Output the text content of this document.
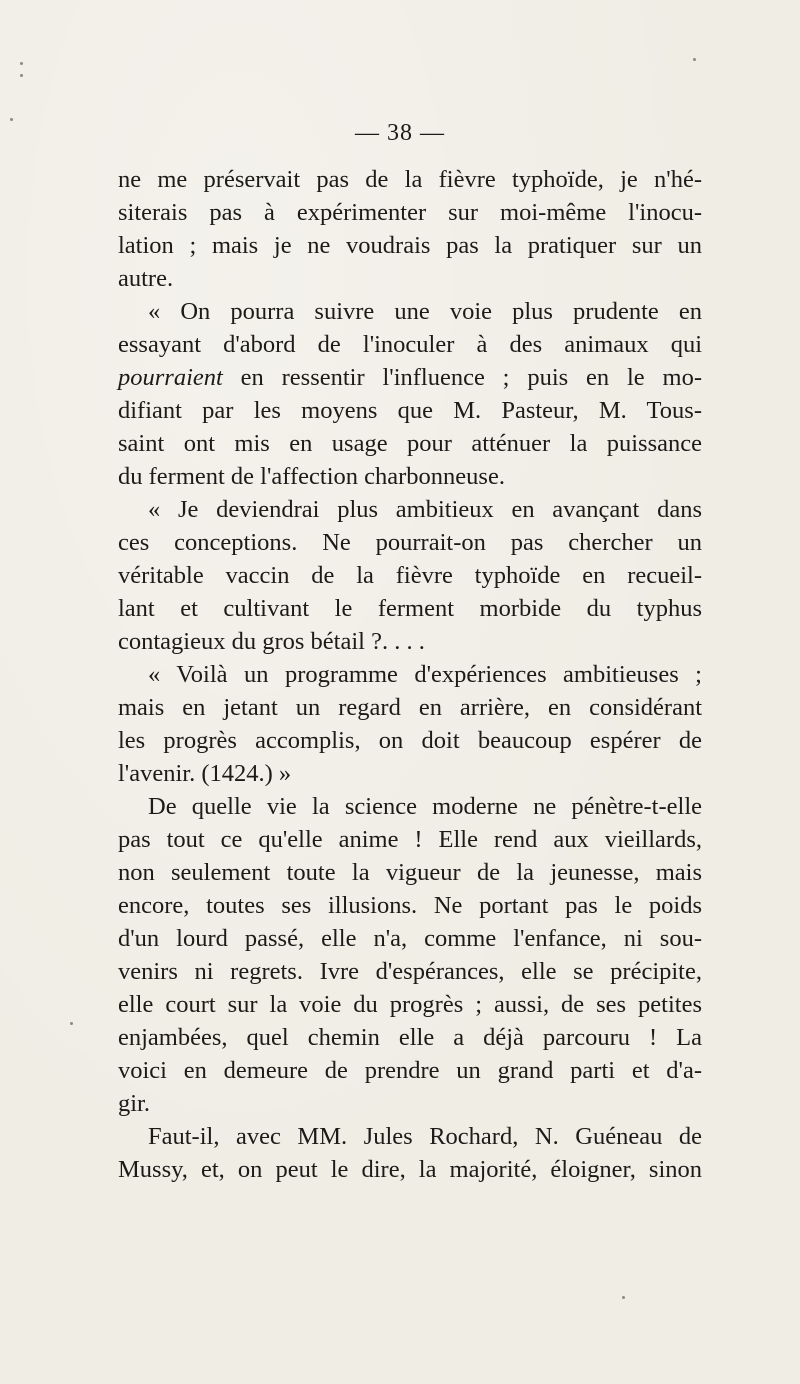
— 38 —
ne me préservait pas de la fièvre typhoïde, je n'hé-
siterais pas à expérimenter sur moi-même l'inocu-
lation ; mais je ne voudrais pas la pratiquer sur un
autre.
« On pourra suivre une voie plus prudente en
essayant d'abord de l'inoculer à des animaux qui
pourraient en ressentir l'influence ; puis en le mo-
difiant par les moyens que M. Pasteur, M. Tous-
saint ont mis en usage pour atténuer la puissance
du ferment de l'affection charbonneuse.
« Je deviendrai plus ambitieux en avançant dans
ces conceptions. Ne pourrait-on pas chercher un
véritable vaccin de la fièvre typhoïde en recueil-
lant et cultivant le ferment morbide du typhus
contagieux du gros bétail ?. . . .
« Voilà un programme d'expériences ambitieuses ;
mais en jetant un regard en arrière, en considérant
les progrès accomplis, on doit beaucoup espérer de
l'avenir. (1424.) »
De quelle vie la science moderne ne pénètre-t-elle
pas tout ce qu'elle anime ! Elle rend aux vieillards,
non seulement toute la vigueur de la jeunesse, mais
encore, toutes ses illusions. Ne portant pas le poids
d'un lourd passé, elle n'a, comme l'enfance, ni sou-
venirs ni regrets. Ivre d'espérances, elle se précipite,
elle court sur la voie du progrès ; aussi, de ses petites
enjambées, quel chemin elle a déjà parcouru ! La
voici en demeure de prendre un grand parti et d'a-
gir.
Faut-il, avec MM. Jules Rochard, N. Guéneau de
Mussy, et, on peut le dire, la majorité, éloigner, sinon
